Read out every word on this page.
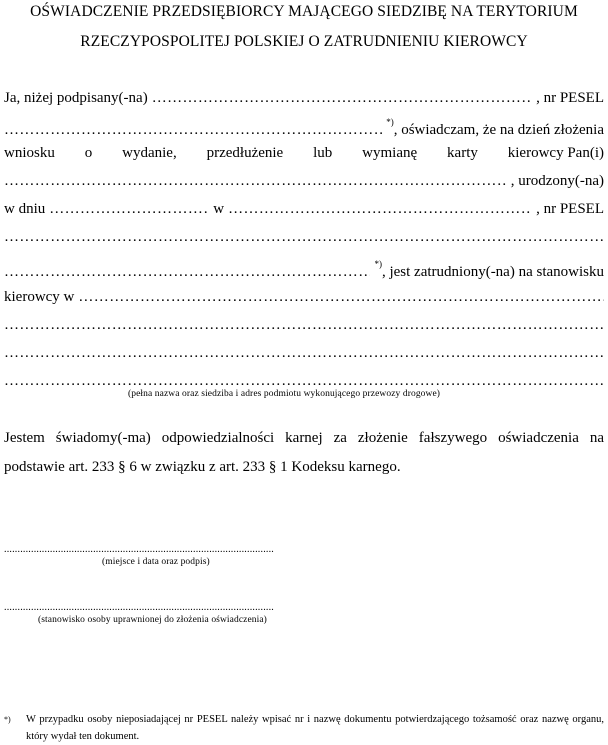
OŚWIADCZENIE PRZEDSIĘBIORCY MAJĄCEGO SIEDZIBĘ NA TERYTORIUM
RZECZYPOSPOLITEJ POLSKIEJ O ZATRUDNIENIU KIEROWCY
Ja, niżej podpisany(-na) ……………………………………………………………………………………………………………………………………………………………………	, nr PESEL
……………………………………………………………………………………………………………………………………………………………………
*), oświadczam, że na dzień złożenia
wniosku o wydanie, przedłużenie lub wymianę karty kierowcy Pan(i)
……………………………………………………………………………………………………………………………………………………………………
, urodzony(-na)
w dniu ……………………………………………………………………………………………………………………………………………………………………	w ……………………………………………………………………………………………………………………………………………………………………	, nr PESEL
……………………………………………………………………………………………………………………………………………………………………
……………………………………………………………………………………………………………………………………………………………………
*), jest zatrudniony(-na) na stanowisku
kierowcy w
……………………………………………………………………………………………………………………………………………………………………
……………………………………………………………………………………………………………………………………………………………………
……………………………………………………………………………………………………………………………………………………………………
……………………………………………………………………………………………………………………………………………………………………
(pełna nazwa oraz siedziba i adres podmiotu wykonującego przewozy drogowe)
Jestem świadomy(-ma) odpowiedzialności karnej za złożenie fałszywego oświadczenia na podstawie art. 233 § 6 w związku z art. 233 § 1 Kodeksu karnego.
....................................................................................................
(miejsce i data oraz podpis)
....................................................................................................
(stanowisko osoby uprawnionej do złożenia oświadczenia)
*) W przypadku osoby nieposiadającej nr PESEL należy wpisać nr i nazwę dokumentu potwierdzającego tożsamość oraz nazwę organu, który wydał ten dokument.
